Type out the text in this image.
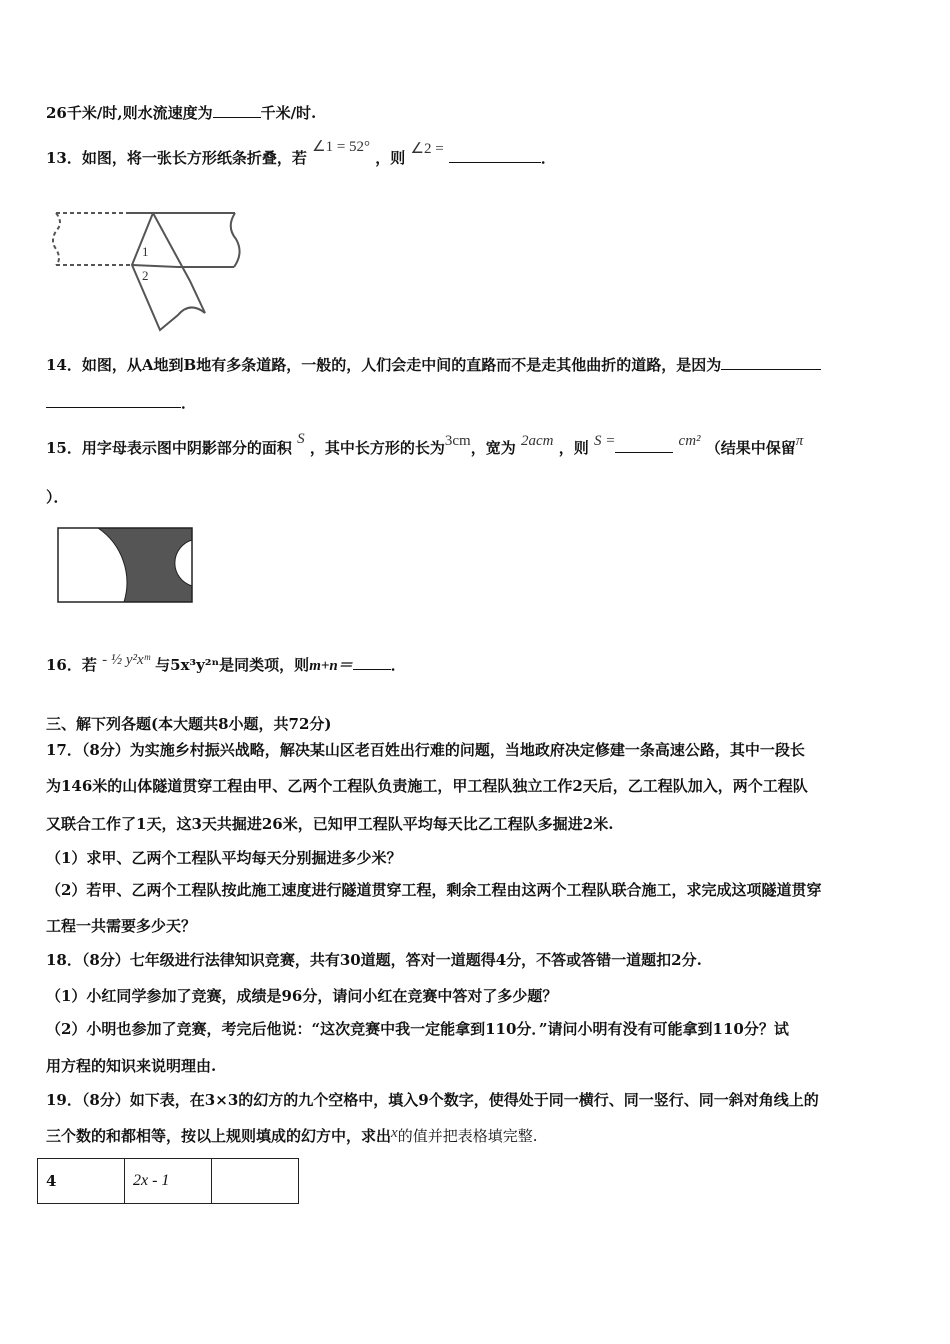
26千米/时,则水流速度为	千米/时.
13．如图，将一张长方形纸条折叠，若 ∠1 = 52° ，则 ∠2 =	．
1
2
14．如图，从A地到B地有多条道路，一般的，人们会走中间的直路而不是走其他曲折的道路，是因为
．
15．用字母表示图中阴影部分的面积 S ，其中长方形的长为3cm，宽为 2acm ，则 S =	cm² （结果中保留π
）．
16．若 - ½ y²xᵐ 与5x³y²ⁿ是同类项，则m+n＝	．
三、解下列各题(本大题共8小题，共72分)
17．（8分）为实施乡村振兴战略，解决某山区老百姓出行难的问题，当地政府决定修建一条高速公路，其中一段长
为146米的山体隧道贯穿工程由甲、乙两个工程队负责施工，甲工程队独立工作2天后，乙工程队加入，两个工程队
又联合工作了1天，这3天共掘进26米，已知甲工程队平均每天比乙工程队多掘进2米.
（1）求甲、乙两个工程队平均每天分别掘进多少米？
（2）若甲、乙两个工程队按此施工速度进行隧道贯穿工程，剩余工程由这两个工程队联合施工，求完成这项隧道贯穿
工程一共需要多少天？
18．（8分）七年级进行法律知识竞赛，共有30道题，答对一道题得4分，不答或答错一道题扣2分.
（1）小红同学参加了竞赛，成绩是96分，请问小红在竞赛中答对了多少题？
（2）小明也参加了竞赛，考完后他说：“这次竞赛中我一定能拿到110分．”请问小明有没有可能拿到110分？试
用方程的知识来说明理由.
19．（8分）如下表，在3×3的幻方的九个空格中，填入9个数字，使得处于同一横行、同一竖行、同一斜对角线上的
三个数的和都相等，按以上规则填成的幻方中，求出x的值并把表格填完整.
4	2x - 1	
